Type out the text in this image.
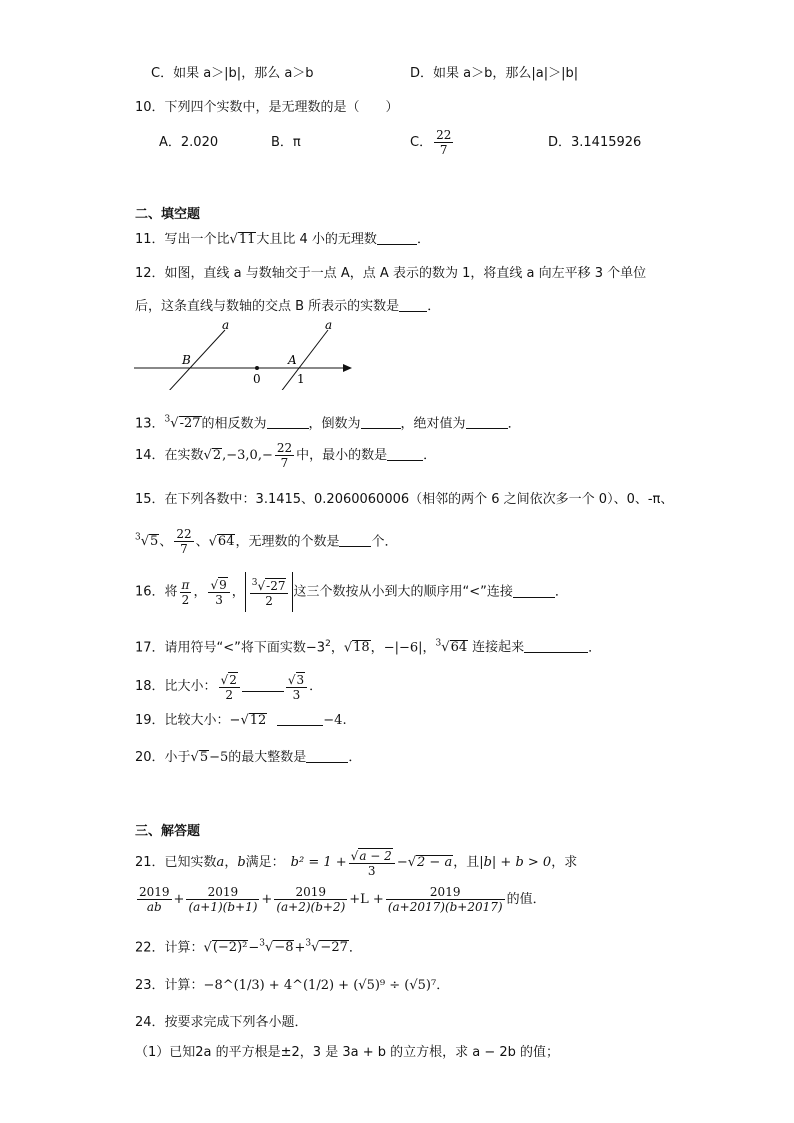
C．如果 a＞|b|，那么 a＞b	D．如果 a＞b，那么|a|＞|b|
10．下列四个实数中，是无理数的是（　　）
A．2.020	B．π	C． $\frac{22}{7}$	D．3.1415926
二、填空题
11．写出一个比√11大且比 4 小的无理数	．
12．如图，直线 a 与数轴交于一点 A，点 A 表示的数为 1，将直线 a 向左平移 3 个单位
后，这条直线与数轴的交点 B 所表示的实数是 ．
a	a
B	A
0	1
13．$^3$√-27的相反数为	，倒数为	，绝对值为	．
14．在实数$√2,-3,0,- \frac{22}{7}$ 中，最小的数是	．
15．在下列各数中：3.1415、0.2060060006（相邻的两个 6 之间依次多一个 0）、0、-π、
$^3$√5、 $\frac{22}{7}$ 、√64，无理数的个数是 个．
16．将 $\frac{\pi}{2}$ ， $\frac{√9}{3}$ ， $\frac{^3√-27}{2}$ 这三个数按从小到大的顺序用“<”连接	．
17．请用符号“<”将下面实数$-3^2$，√18，−|−6|，$^3$√64 连接起来	．
18．比大小： $\frac{√2}{2}$	$\frac{√3}{3}$ ．
19．比较大小：−√12	−4.
20．小于√5−5的最大整数是	．
三、解答题
21．已知实数a，b满足： $b^2 = 1 + \frac{√a - 2}{3} -√2 - a$，且|b| + b > 0，求
$\frac{2019}{ab} + \frac{2019}{(a+1)(b+1)} + \frac{2019}{(a+2)(b+2)} +L + \frac{2019}{(a+2017)(b+2017)}$ 的值．
22．计算：√(−2)²−$^3$√−8+$^3$√−27．
23．计算：−8^(1/3) + 4^(1/2) + (√5)⁹ ÷ (√5)⁷．
24．按要求完成下列各小题．
（1）已知2a 的平方根是±2，3 是 3a + b 的立方根，求 a − 2b 的值；
